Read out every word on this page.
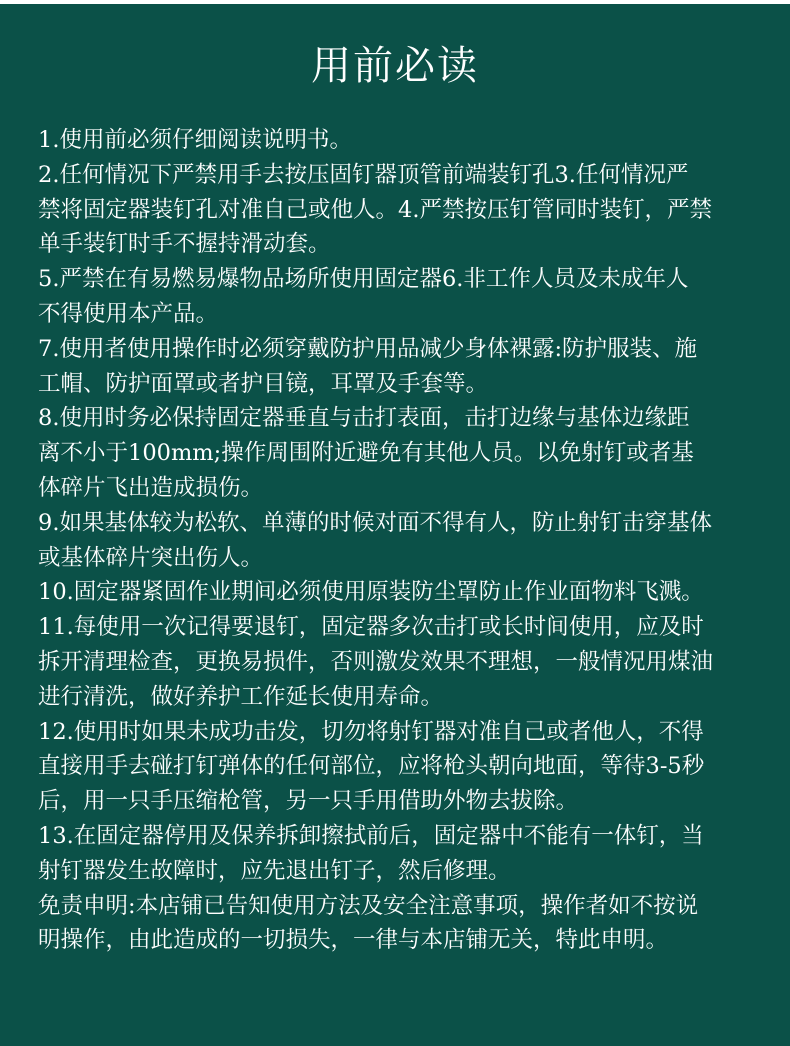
用前必读
1.使用前必须仔细阅读说明书。
2.任何情况下严禁用手去按压固钉器顶管前端装钉孔3.任何情况严
禁将固定器装钉孔对准自己或他人。4.严禁按压钉管同时装钉，严禁
单手装钉时手不握持滑动套。
5.严禁在有易燃易爆物品场所使用固定器6.非工作人员及未成年人
不得使用本产品。
7.使用者使用操作时必须穿戴防护用品减少身体裸露:防护服装、施
工帽、防护面罩或者护目镜，耳罩及手套等。
8.使用时务必保持固定器垂直与击打表面，击打边缘与基体边缘距
离不小于100mm;操作周围附近避免有其他人员。以免射钉或者基
体碎片飞出造成损伤。
9.如果基体较为松软、单薄的时候对面不得有人，防止射钉击穿基体
或基体碎片突出伤人。
10.固定器紧固作业期间必须使用原装防尘罩防止作业面物料飞溅。
11.每使用一次记得要退钉，固定器多次击打或长时间使用，应及时
拆开清理检查，更换易损件，否则激发效果不理想，一般情况用煤油
进行清洗，做好养护工作延长使用寿命。
12.使用时如果未成功击发，切勿将射钉器对准自己或者他人，不得
直接用手去碰打钉弹体的任何部位，应将枪头朝向地面，等待3-5秒
后，用一只手压缩枪管，另一只手用借助外物去拔除。
13.在固定器停用及保养拆卸擦拭前后，固定器中不能有一体钉，当
射钉器发生故障时，应先退出钉子，然后修理。
免责申明:本店铺已告知使用方法及安全注意事项，操作者如不按说
明操作，由此造成的一切损失，一律与本店铺无关，特此申明。
